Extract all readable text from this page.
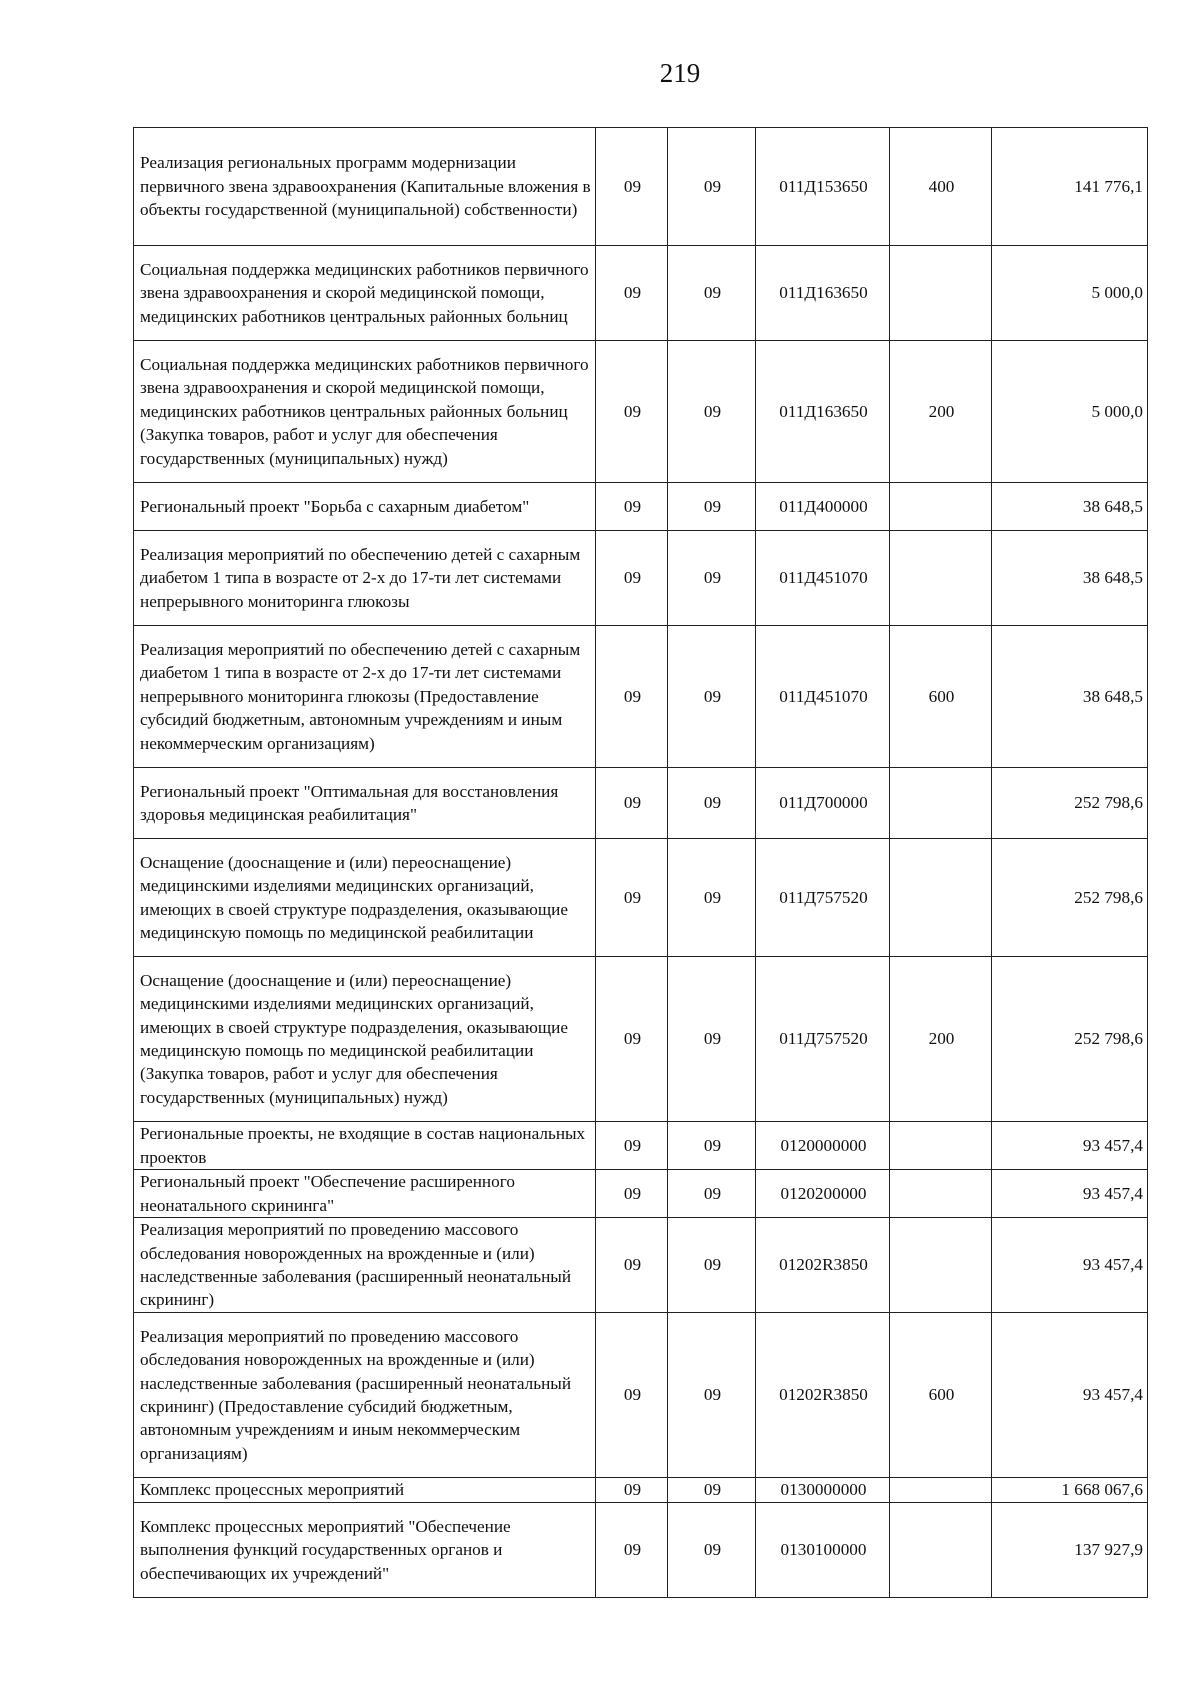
219
Реализация региональных программ модернизации первичного звена здравоохранения (Капитальные вложения в объекты государственной (муниципальной) собственности)	09	09	011Д153650	400	141 776,1
Социальная поддержка медицинских работников первичного звена здравоохранения и скорой медицинской помощи, медицинских работников центральных районных больниц	09	09	011Д163650		5 000,0
Социальная поддержка медицинских работников первичного звена здравоохранения и скорой медицинской помощи, медицинских работников центральных районных больниц (Закупка товаров, работ и услуг для обеспечения государственных (муниципальных) нужд)	09	09	011Д163650	200	5 000,0
Региональный проект "Борьба с сахарным диабетом"	09	09	011Д400000		38 648,5
Реализация мероприятий по обеспечению детей с сахарным диабетом 1 типа в возрасте от 2-х до 17-ти лет системами непрерывного мониторинга глюкозы	09	09	011Д451070		38 648,5
Реализация мероприятий по обеспечению детей с сахарным диабетом 1 типа в возрасте от 2-х до 17-ти лет системами непрерывного мониторинга глюкозы (Предоставление субсидий бюджетным, автономным учреждениям и иным некоммерческим организациям)	09	09	011Д451070	600	38 648,5
Региональный проект "Оптимальная для восстановления здоровья медицинская реабилитация"	09	09	011Д700000		252 798,6
Оснащение (дооснащение и (или) переоснащение) медицинскими изделиями медицинских организаций, имеющих в своей структуре подразделения, оказывающие медицинскую помощь по медицинской реабилитации	09	09	011Д757520		252 798,6
Оснащение (дооснащение и (или) переоснащение) медицинскими изделиями медицинских организаций, имеющих в своей структуре подразделения, оказывающие медицинскую помощь по медицинской реабилитации (Закупка товаров, работ и услуг для обеспечения государственных (муниципальных) нужд)	09	09	011Д757520	200	252 798,6
Региональные проекты, не входящие в состав национальных проектов	09	09	0120000000		93 457,4
Региональный проект "Обеспечение расширенного неонатального скрининга"	09	09	0120200000		93 457,4
Реализация мероприятий по проведению массового обследования новорожденных на врожденные и (или) наследственные заболевания (расширенный неонатальный скрининг)	09	09	01202R3850		93 457,4
Реализация мероприятий по проведению массового обследования новорожденных на врожденные и (или) наследственные заболевания (расширенный неонатальный скрининг) (Предоставление субсидий бюджетным, автономным учреждениям и иным некоммерческим организациям)	09	09	01202R3850	600	93 457,4
Комплекс процессных мероприятий	09	09	0130000000		1 668 067,6
Комплекс процессных мероприятий "Обеспечение выполнения функций государственных органов и обеспечивающих их учреждений"	09	09	0130100000		137 927,9
